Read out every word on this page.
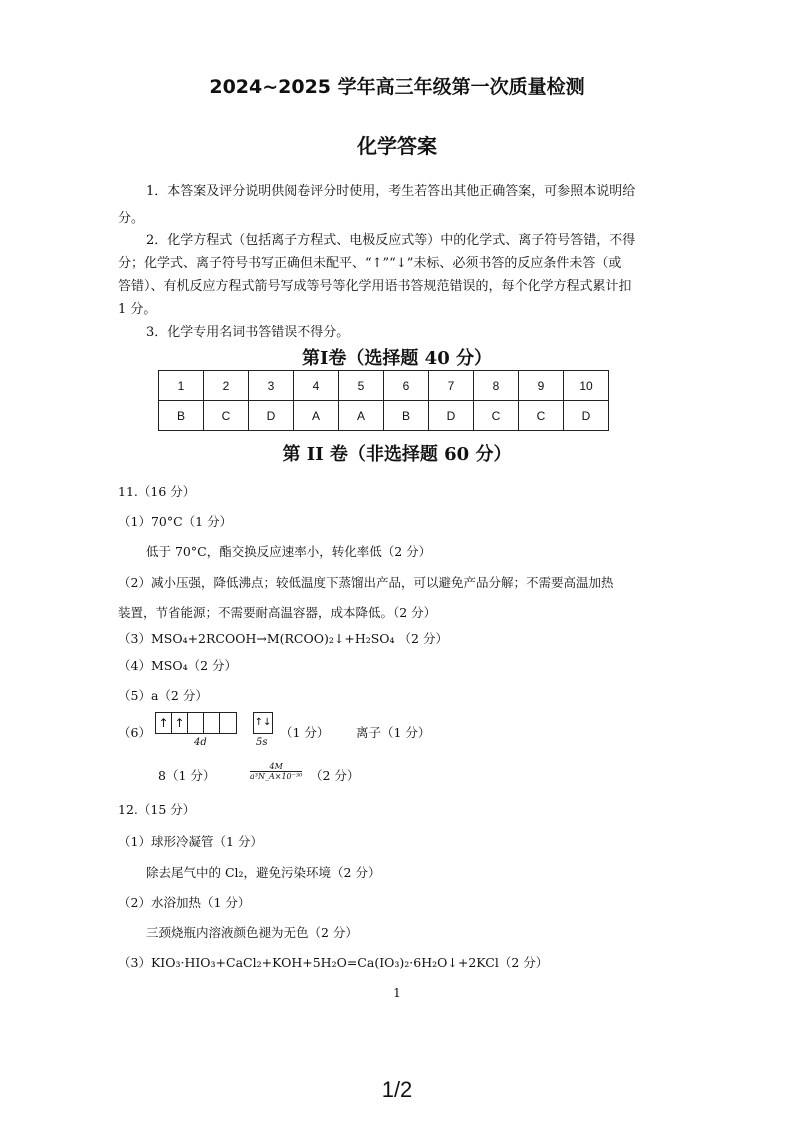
2024~2025 学年高三年级第一次质量检测
化学答案
1．本答案及评分说明供阅卷评分时使用，考生若答出其他正确答案，可参照本说明给
分。
2．化学方程式（包括离子方程式、电极反应式等）中的化学式、离子符号答错，不得
分；化学式、离子符号书写正确但未配平、“↑”“↓”未标、必须书答的反应条件未答（或
答错）、有机反应方程式箭号写成等号等化学用语书答规范错误的，每个化学方程式累计扣
1 分。
3．化学专用名词书答错误不得分。
第Ⅰ卷（选择题 40 分）
1	2	3	4	5	6	7	8	9	10
B	C	D	A	A	B	D	C	C	D
第 II 卷（非选择题 60 分）
11.（16 分）
（1）70°C（1 分）
低于 70°C，酯交换反应速率小，转化率低（2 分）
（2）减小压强，降低沸点；较低温度下蒸馏出产品，可以避免产品分解；不需要高温加热
装置，节省能源；不需要耐高温容器，成本降低。（2 分）
（3）MSO₄+2RCOOH→M(RCOO)₂↓+H₂SO₄ （2 分）
（4）MSO₄（2 分）
（5）a（2 分）
（6）
↑ ↑
4d
↑↓
5s
（1 分） 离子（1 分）
8（1 分）	$\frac{4M}{\text{a³N\_A×10⁻³⁰}} (2$ 分）
12.（15 分）
（1）球形冷凝管（1 分）
除去尾气中的 Cl₂，避免污染环境（2 分）
（2）水浴加热（1 分）
三颈烧瓶内溶液颜色褪为无色（2 分）
（3）KIO₃·HIO₃+CaCl₂+KOH+5H₂O=Ca(IO₃)₂·6H₂O↓+2KCl（2 分）
1
1/2
